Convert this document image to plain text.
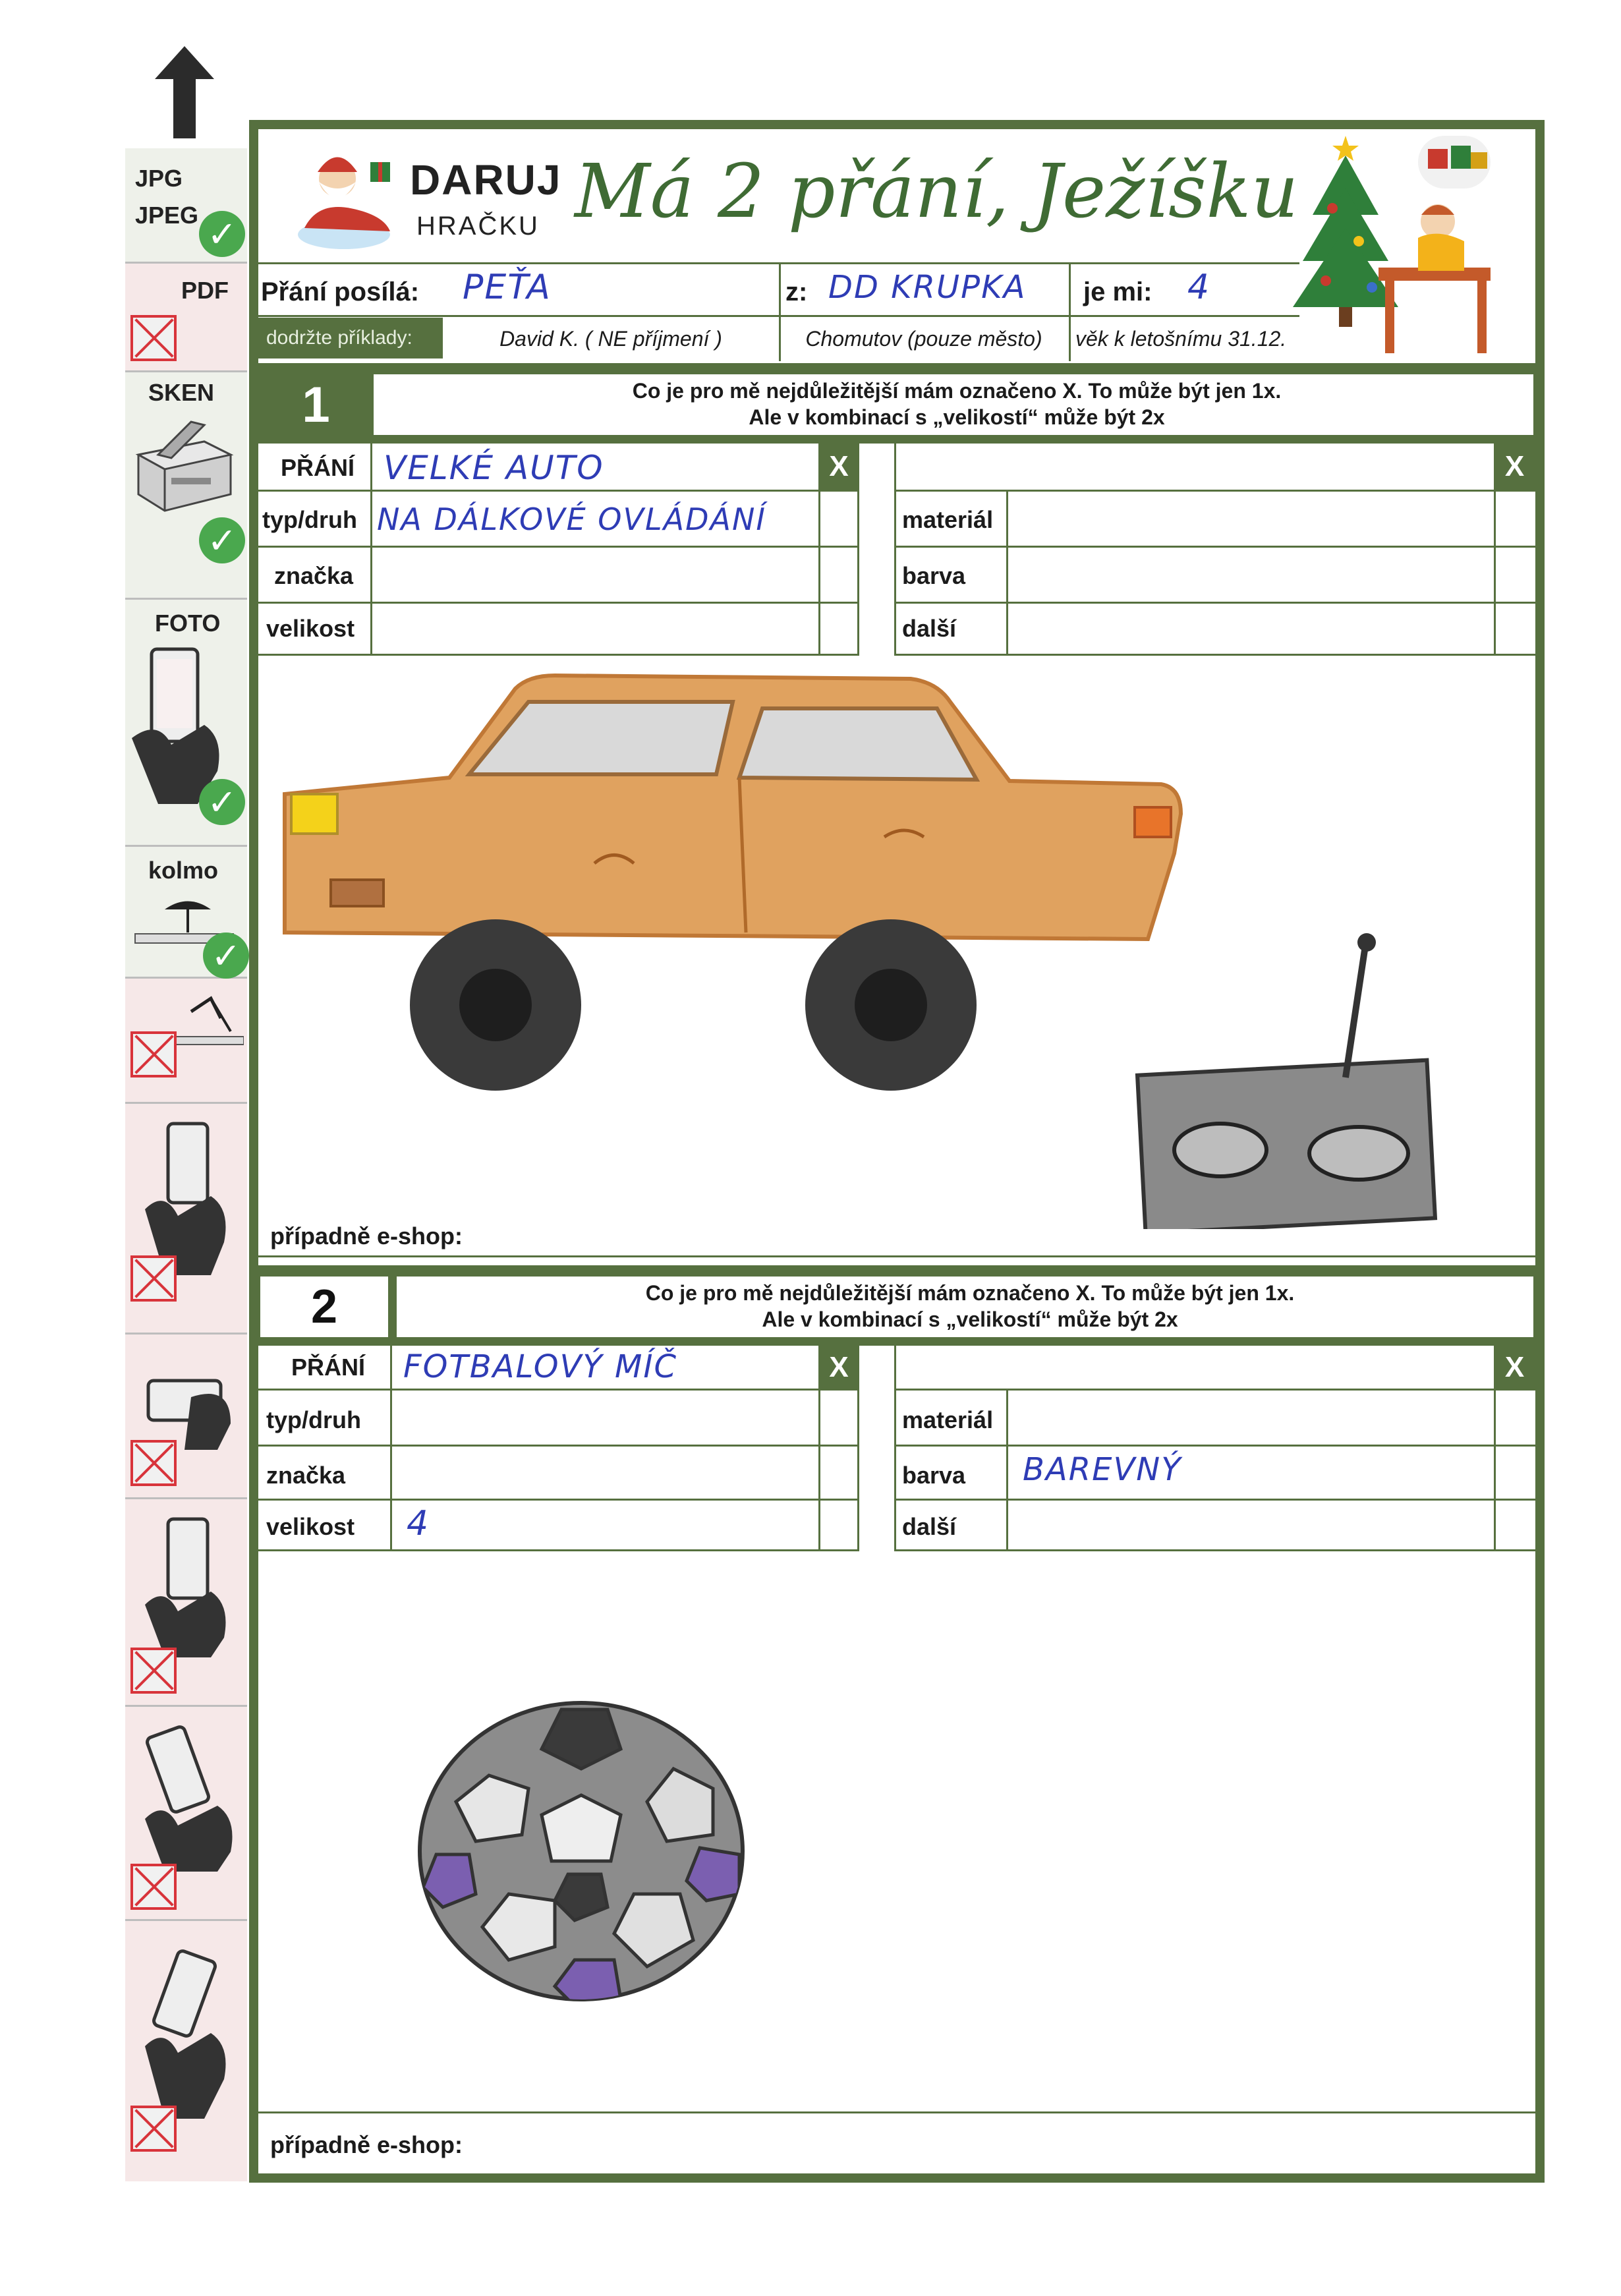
JPG
JPEG ✓
PDF
SKEN
✓
FOTO
✓
kolmo
✓
DARUJ
HRAČKU Má 2 přání, Ježíšku
Přání posílá: PEŤA	z: DD KRUPKA je mi: 4
dodržte příklady:	David K. ( NE příjmení )	Chomutov (pouze město)	věk k letošnímu 31.12.
1	Co je pro mě nejdůležitější mám označeno X. To může být jen 1x.
Ale v kombinací s „velikostí“ může být 2x
X
PŘÁNÍ VELKÉ AUTO
typ/druh NA DÁLKOVÉ OVLÁDÁNÍ
značka
velikost
X
materiál
barva
další
případně e-shop:
2	Co je pro mě nejdůležitější mám označeno X. To může být jen 1x.
Ale v kombinací s „velikostí“ může být 2x
X
PŘÁNÍ FOTBALOVÝ MÍČ
typ/druh
značka
velikost 4
X
materiál
barva BAREVNÝ
další
případně e-shop:
